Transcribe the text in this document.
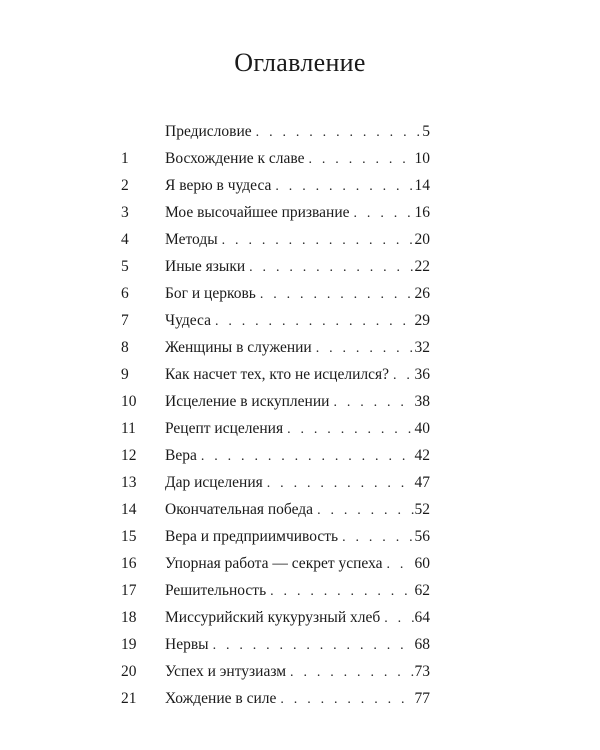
Оглавление
Предисловие . . .	5
1	Восхождение к славе . . .	10
2	Я верю в чудеса . . .	14
3	Мое высочайшее призвание . . .	16
4	Методы . . .	20
5	Иные языки . . .	22
6	Бог и церковь . . .	26
7	Чудеса . . .	29
8	Женщины в служении . . .	32
9	Как насчет тех, кто не исцелился? . . . 36
10	Исцеление в искуплении . . .	38
11	Рецепт исцеления . . .	40
12	Вера . . .	42
13	Дар исцеления . . .	47
14	Окончательная победа . . .	52
15	Вера и предприимчивость . . .	56
16	Упорная работа — секрет успеха . . . 60
17	Решительность . . .	62
18	Миссурийский кукурузный хлеб . . . 64
19	Нервы . . .	68
20	Успех и энтузиазм . . .	73
21	Хождение в силе . . .	77
